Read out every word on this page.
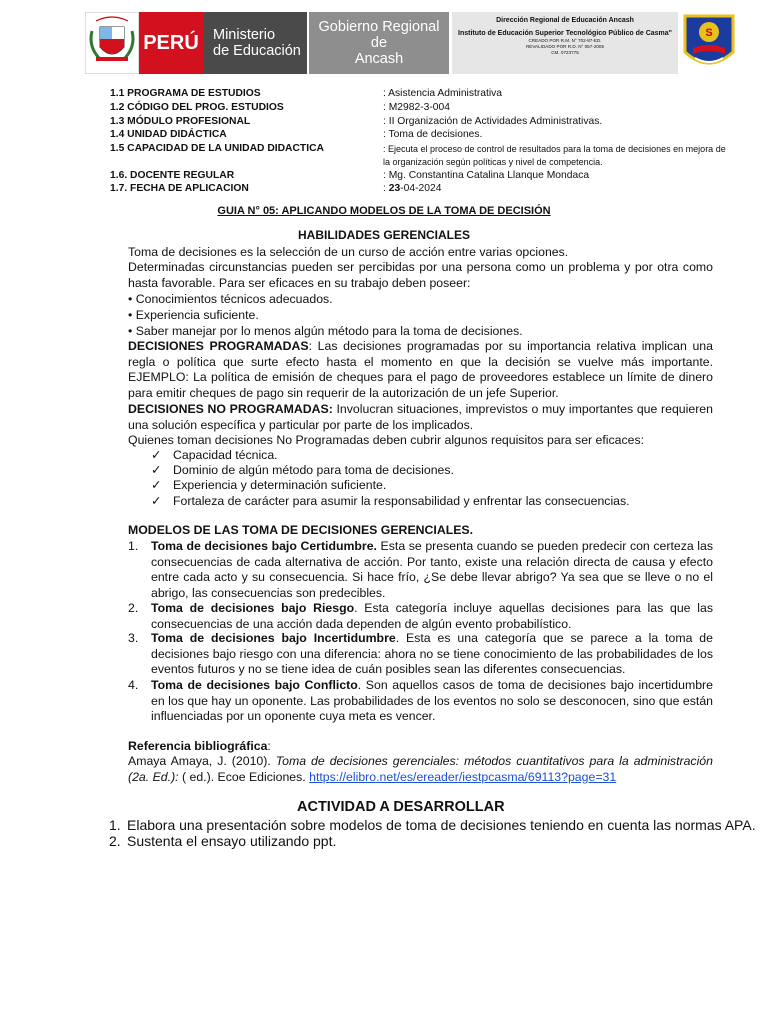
PERÚ Ministerio
de Educación
Gobierno Regional de
Ancash
Dirección Regional de Educación Ancash
Instituto de Educación Superior Tecnológico Público de Casma"
CREADO POR R.M. N° 702-87-ED.
REVALIDADO POR R.D. N° 057-2005
CM. 0723775
S
1.1 PROGRAMA DE ESTUDIOS	: Asistencia Administrativa
1.2 CÓDIGO DEL PROG. ESTUDIOS	: M2982-3-004
1.3 MÓDULO PROFESIONAL	: II Organización de Actividades Administrativas.
1.4 UNIDAD DIDÁCTICA	: Toma de decisiones.
1.5 CAPACIDAD DE LA UNIDAD DIDACTICA	: Ejecuta el proceso de control de resultados para la toma de decisiones en mejora de
la organización según políticas y nivel de competencia.
1.6. DOCENTE REGULAR	: Mg. Constantina Catalina Llanque Mondaca
1.7. FECHA DE APLICACION	: 23-04-2024
GUIA N° 05: APLICANDO MODELOS DE LA TOMA DE DECISIÓN
HABILIDADES GERENCIALES
Toma de decisiones es la selección de un curso de acción entre varias opciones.
Determinadas circunstancias pueden ser percibidas por una persona como un problema y por otra como hasta favorable. Para ser eficaces en su trabajo deben poseer:
• Conocimientos técnicos adecuados.
• Experiencia suficiente.
• Saber manejar por lo menos algún método para la toma de decisiones.
DECISIONES PROGRAMADAS: Las decisiones programadas por su importancia relativa implican una regla o política que surte efecto hasta el momento en que la decisión se vuelve más importante. EJEMPLO: La política de emisión de cheques para el pago de proveedores establece un límite de dinero para emitir cheques de pago sin requerir de la autorización de un jefe Superior.
DECISIONES NO PROGRAMADAS: Involucran situaciones, imprevistos o muy importantes que requieren una solución específica y particular por parte de los implicados.
Quienes toman decisiones No Programadas deben cubrir algunos requisitos para ser eficaces:
✓ Capacidad técnica.
✓ Dominio de algún método para toma de decisiones.
✓ Experiencia y determinación suficiente.
✓ Fortaleza de carácter para asumir la responsabilidad y enfrentar las consecuencias.
MODELOS DE LAS TOMA DE DECISIONES GERENCIALES.
1. Toma de decisiones bajo Certidumbre. Esta se presenta cuando se pueden predecir con certeza las consecuencias de cada alternativa de acción. Por tanto, existe una relación directa de causa y efecto entre cada acto y su consecuencia. Si hace frío, ¿Se debe llevar abrigo? Ya sea que se lleve o no el abrigo, las consecuencias son predecibles.
2. Toma de decisiones bajo Riesgo. Esta categoría incluye aquellas decisiones para las que las consecuencias de una acción dada dependen de algún evento probabilístico.
3. Toma de decisiones bajo Incertidumbre. Esta es una categoría que se parece a la toma de decisiones bajo riesgo con una diferencia: ahora no se tiene conocimiento de las probabilidades de los eventos futuros y no se tiene idea de cuán posibles sean las diferentes consecuencias.
4. Toma de decisiones bajo Conflicto. Son aquellos casos de toma de decisiones bajo incertidumbre en los que hay un oponente. Las probabilidades de los eventos no solo se desconocen, sino que están influenciadas por un oponente cuya meta es vencer.
Referencia bibliográfica:
Amaya Amaya, J. (2010). Toma de decisiones gerenciales: métodos cuantitativos para la administración (2a. Ed.): ( ed.). Ecoe Ediciones. https://elibro.net/es/ereader/iestpcasma/69113?page=31
ACTIVIDAD A DESARROLLAR
1. Elabora una presentación sobre modelos de toma de decisiones teniendo en cuenta las normas APA.
2. Sustenta el ensayo utilizando ppt.
